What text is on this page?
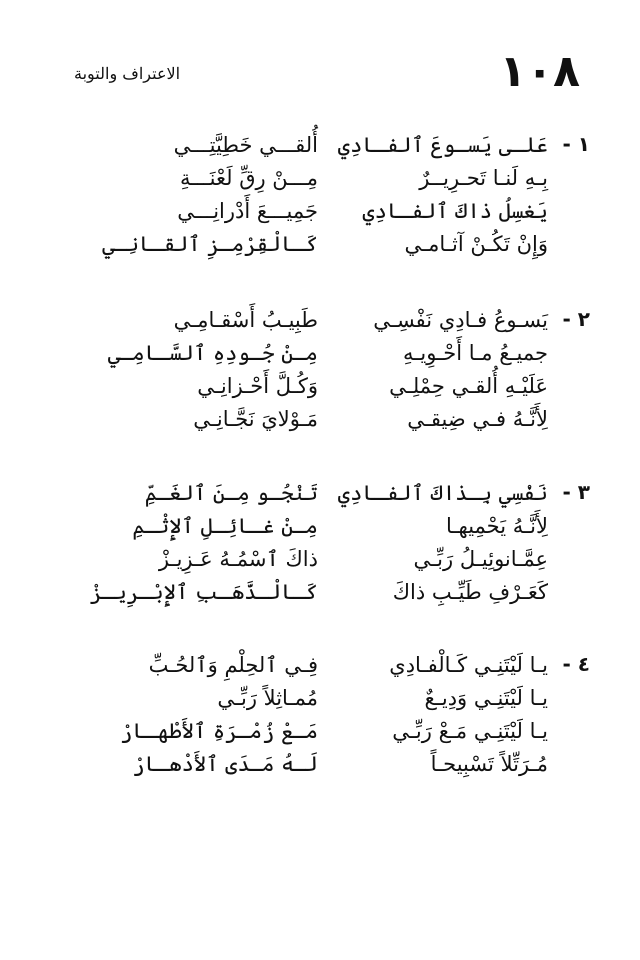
١٠٨
الاعتراف والتوبة
١ -
عَلـى يَسـوعَ ٱلفـادِي
أُلقـــي خَطِيَّتِـــي
بِـهِ لَنـا تَحـرِيــرٌ
مِـــنْ رِقِّ لَعْنَـــةِ
يَغسِلُ ذاكَ ٱلفـادِي
جَمِيـــعَ أَدْرانِـــي
وَإِنْ تَكُـنْ آثـامـي
كَـالْقِرْمِـزِ ٱلقـانِـي
٢ -
يَسـوعُ فـادِي نَفْسِـي
طَبِيـبُ أَسْقـامِـي
جميـعُ مـا أَحْـوِيـهِ
مِـنْ جُـودِهِ ٱلسَّـامِـي
عَلَيْـهِ أُلقـي حِمْلِـي
وَكُـلَّ أَحْـزانِـي
لِأَنَّـهُ فـي ضِيقـي
مَـوْلايَ نَجَّـانِـي
٣ -
نَفْسِي بِـذاكَ ٱلفـادِي
تَنْجُـو مِـنَ ٱلغَـمِّ
لِأَنَّـهُ يَحْمِيهـا
مِـنْ غـائِـلِ ٱلإِثْـمِ
عِمَّـانوئِيـلُ رَبِّـي
ذاكَ ٱسْمُـهُ عَـزِيـزْ
كَعَـرْفِ طَيِّـبِ ذاكَ
كَـالْـذَّهَـبِ ٱلإِبْـرِيـزْ
٤ -
يـا لَيْتَنِـي كَـالْفـادِي
فِـي ٱلحِلْمِ وَٱلحُـبِّ
يـا لَيْتَنِـي وَدِيـعٌ
مُمـاثِلاً رَبِّـي
يـا لَيْتَنِـي مَـعْ رَبِّـي
مَـعْ زُمْـرَةِ ٱلأَطْهـارْ
مُـرَتِّلاً تَسْبِيحـاً
لَـهُ مَـدَى ٱلأَدْهـارْ
